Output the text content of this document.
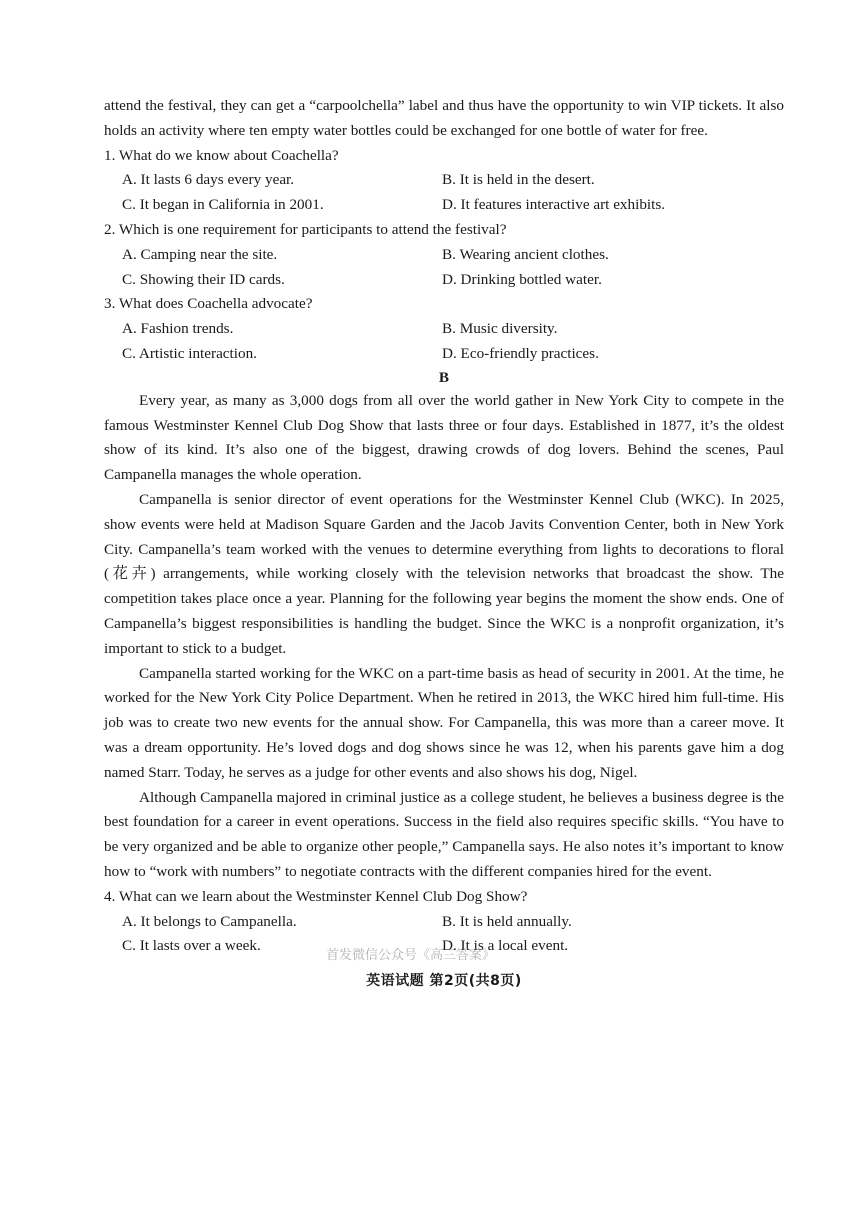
attend the festival, they can get a “carpoolchella” label and thus have the opportunity to win VIP tickets. It also holds an activity where ten empty water bottles could be exchanged for one bottle of water for free.

1. What do we know about Coachella?

A. It lasts 6 days every year.	B. It is held in the desert.
C. It began in California in 2001.	D. It features interactive art exhibits.

2. Which is one requirement for participants to attend the festival?

A. Camping near the site.	B. Wearing ancient clothes.
C. Showing their ID cards.	D. Drinking bottled water.

3. What does Coachella advocate?

A. Fashion trends.	B. Music diversity.
C. Artistic interaction.	D. Eco-friendly practices.
B

Every year, as many as 3,000 dogs from all over the world gather in New York City to compete in the famous Westminster Kennel Club Dog Show that lasts three or four days. Established in 1877, it’s the oldest show of its kind. It’s also one of the biggest, drawing crowds of dog lovers. Behind the scenes, Paul Campanella manages the whole operation.

Campanella is senior director of event operations for the Westminster Kennel Club (WKC). In 2025, show events were held at Madison Square Garden and the Jacob Javits Convention Center, both in New York City. Campanella’s team worked with the venues to determine everything from lights to decorations to floral (花卉) arrangements, while working closely with the television networks that broadcast the show. The competition takes place once a year. Planning for the following year begins the moment the show ends. One of Campanella’s biggest responsibilities is handling the budget. Since the WKC is a nonprofit organization, it’s important to stick to a budget.

Campanella started working for the WKC on a part-time basis as head of security in 2001. At the time, he worked for the New York City Police Department. When he retired in 2013, the WKC hired him full-time. His job was to create two new events for the annual show. For Campanella, this was more than a career move. It was a dream opportunity. He’s loved dogs and dog shows since he was 12, when his parents gave him a dog named Starr. Today, he serves as a judge for other events and also shows his dog, Nigel.

Although Campanella majored in criminal justice as a college student, he believes a business degree is the best foundation for a career in event operations. Success in the field also requires specific skills. “You have to be very organized and be able to organize other people,” Campanella says. He also notes it’s important to know how to “work with numbers” to negotiate contracts with the different companies hired for the event.

4. What can we learn about the Westminster Kennel Club Dog Show?

A. It belongs to Campanella.	B. It is held annually.
C. It lasts over a week.	D. It is a local event.
英语试题 第2页(共8页)
首发微信公众号《高三答案》
